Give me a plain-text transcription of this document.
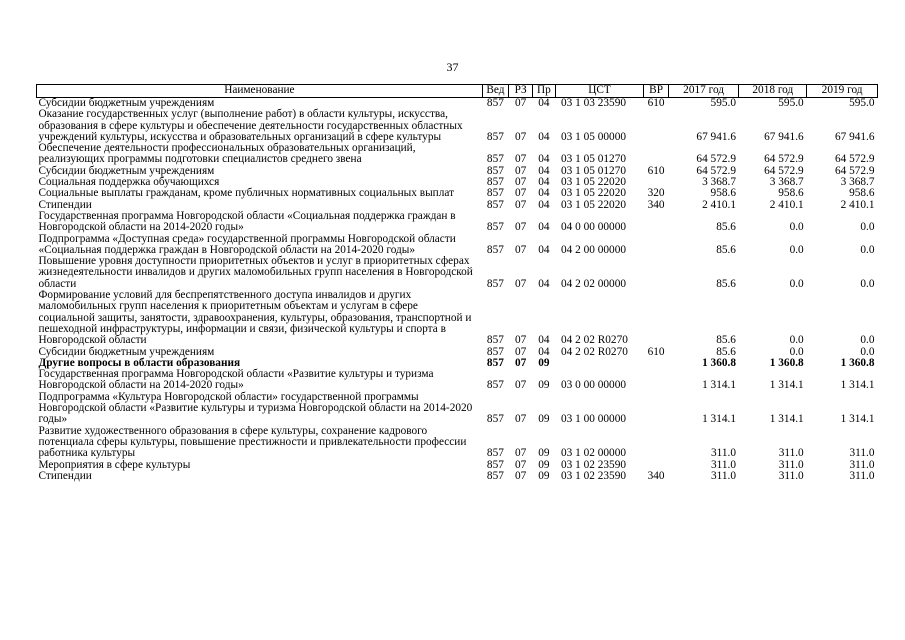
37
Наименование	Вед	РЗ	Пр	ЦСТ	ВР	2017 год	2018 год	2019 год
Субсидии бюджетным учреждениям	857	07	04	03 1 03 23590	610	595.0	595.0	595.0
Оказание государственных услуг (выполнение работ) в области культуры, искусства, образования в сфере культуры и обеспечение деятельности государственных областных учреждений культуры, искусства и образовательных организаций в сфере культуры	857	07	04	03 1 05 00000		67 941.6	67 941.6	67 941.6
Обеспечение деятельности профессиональных образовательных организаций, реализующих программы подготовки специалистов среднего звена	857	07	04	03 1 05 01270		64 572.9	64 572.9	64 572.9
Субсидии бюджетным учреждениям	857	07	04	03 1 05 01270	610	64 572.9	64 572.9	64 572.9
Социальная поддержка обучающихся	857	07	04	03 1 05 22020		3 368.7	3 368.7	3 368.7
Социальные выплаты гражданам, кроме публичных нормативных социальных выплат	857	07	04	03 1 05 22020	320	958.6	958.6	958.6
Стипендии	857	07	04	03 1 05 22020	340	2 410.1	2 410.1	2 410.1
Государственная программа Новгородской области «Социальная поддержка граждан в Новгородской области на 2014-2020 годы»	857	07	04	04 0 00 00000		85.6	0.0	0.0
Подпрограмма «Доступная среда» государственной программы Новгородской области «Социальная поддержка граждан в Новгородской области на 2014-2020 годы»	857	07	04	04 2 00 00000		85.6	0.0	0.0
Повышение уровня доступности приоритетных объектов и услуг в приоритетных сферах жизнедеятельности инвалидов и других маломобильных групп населения в Новгородской области	857	07	04	04 2 02 00000		85.6	0.0	0.0
Формирование условий для беспрепятственного доступа инвалидов и других маломобильных групп населения к приоритетным объектам и услугам в сфере социальной защиты, занятости, здравоохранения, культуры, образования, транспортной и пешеходной инфраструктуры, информации и связи, физической культуры и спорта в Новгородской области	857	07	04	04 2 02 R0270		85.6	0.0	0.0
Субсидии бюджетным учреждениям	857	07	04	04 2 02 R0270	610	85.6	0.0	0.0
Другие вопросы в области образования	857	07	09			1 360.8	1 360.8	1 360.8
Государственная программа Новгородской области «Развитие культуры и туризма Новгородской области на 2014-2020 годы»	857	07	09	03 0 00 00000		1 314.1	1 314.1	1 314.1
Подпрограмма «Культура Новгородской области» государственной программы Новгородской области «Развитие культуры и туризма Новгородской области на 2014-2020 годы»	857	07	09	03 1 00 00000		1 314.1	1 314.1	1 314.1
Развитие художественного образования в сфере культуры, сохранение кадрового потенциала сферы культуры, повышение престижности и привлекательности профессии работника культуры	857	07	09	03 1 02 00000		311.0	311.0	311.0
Мероприятия в сфере культуры	857	07	09	03 1 02 23590		311.0	311.0	311.0
Стипендии	857	07	09	03 1 02 23590	340	311.0	311.0	311.0
